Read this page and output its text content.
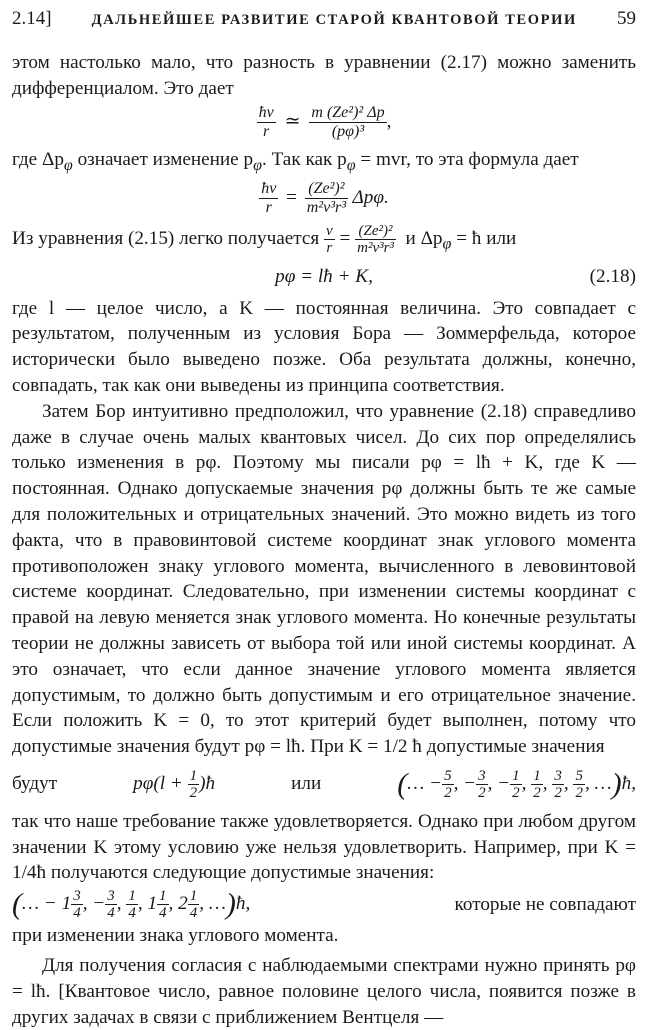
2.14]	ДАЛЬНЕЙШЕЕ РАЗВИТИЕ СТАРОЙ КВАНТОВОЙ ТЕОРИИ 59

этом настолько мало, что разность в уравнении (2.17) можно заменить дифференциалом. Это дает

$\frac{ħ\nu}{r}$ ≃ $\frac{\text{m (Ze²)² Δp}}{\text{(pφ)³}}$ ,

где $\Delta p_\varphi$ означает изменение $p_\varphi$. Так как $p_\varphi$ = mvr, то эта формула дает

$\frac{ħv}{r} = \frac{\text{(Ze²)²}}{\text{m²v³r³}} \Delta p\varphi$.

Из уравнения (2.15) легко получается $\frac{v}{r} = \frac{\text{(Ze²)²}}{\text{m²v³r³}}$ и $\Delta p_\varphi$ = ħ или

pφ = lħ + K,	(2.18)

где l — целое число, а K — постоянная величина. Это совпадает с результатом, полученным из условия Бора — Зоммерфельда, которое исторически было выведено позже. Оба результата должны, конечно, совпадать, так как они выведены из принципа соответствия.

Затем Бор интуитивно предположил, что уравнение (2.18) справедливо даже в случае очень малых квантовых чисел. До сих пор определялись только изменения в pφ. Поэтому мы писали pφ = lħ + K, где K — постоянная. Однако допускаемые значения pφ должны быть те же самые для положительных и отрицательных значений. Это можно видеть из того факта, что в правовинтовой системе координат знак углового момента противоположен знаку углового момента, вычисленного в левовинтовой системе координат. Следовательно, при изменении системы координат с правой на левую меняется знак углового момента. Но конечные результаты теории не должны зависеть от выбора той или иной системы координат. А это означает, что если данное значение углового момента является допустимым, то должно быть допустимым и его отрицательное значение. Если положить K = 0, то этот критерий будет выполнен, потому что допустимые значения будут pφ = lħ. При K = 1/2 ħ допустимые значения

будут	$p\varphi(l + \frac{1}{2}$ )ħ	или	(… − $\frac{5}{2}$ , − $\frac{3}{2}$ , − $\frac{1}{2}$ , $\frac{1}{2}$ , $\frac{3}{2}$ , $\frac{5}{2}$ , …)ħ,

так что наше требование также удовлетворяется. Однако при любом другом значении K этому условию уже нельзя удовлетворить. Например, при K = 1/4ħ получаются следующие допустимые значения:

(… − $1 \frac{3}{4}$ , − $\frac{3}{4}$ , $\frac{1}{4}$ , $1 \frac{1}{4}$ , $2 \frac{1}{4}$ , …)ħ,	которые не совпадают

при изменении знака углового момента.

Для получения согласия с наблюдаемыми спектрами нужно принять pφ = lħ. [Квантовое число, равное половине целого числа, появится позже в других задачах в связи с приближением Вентцеля —
